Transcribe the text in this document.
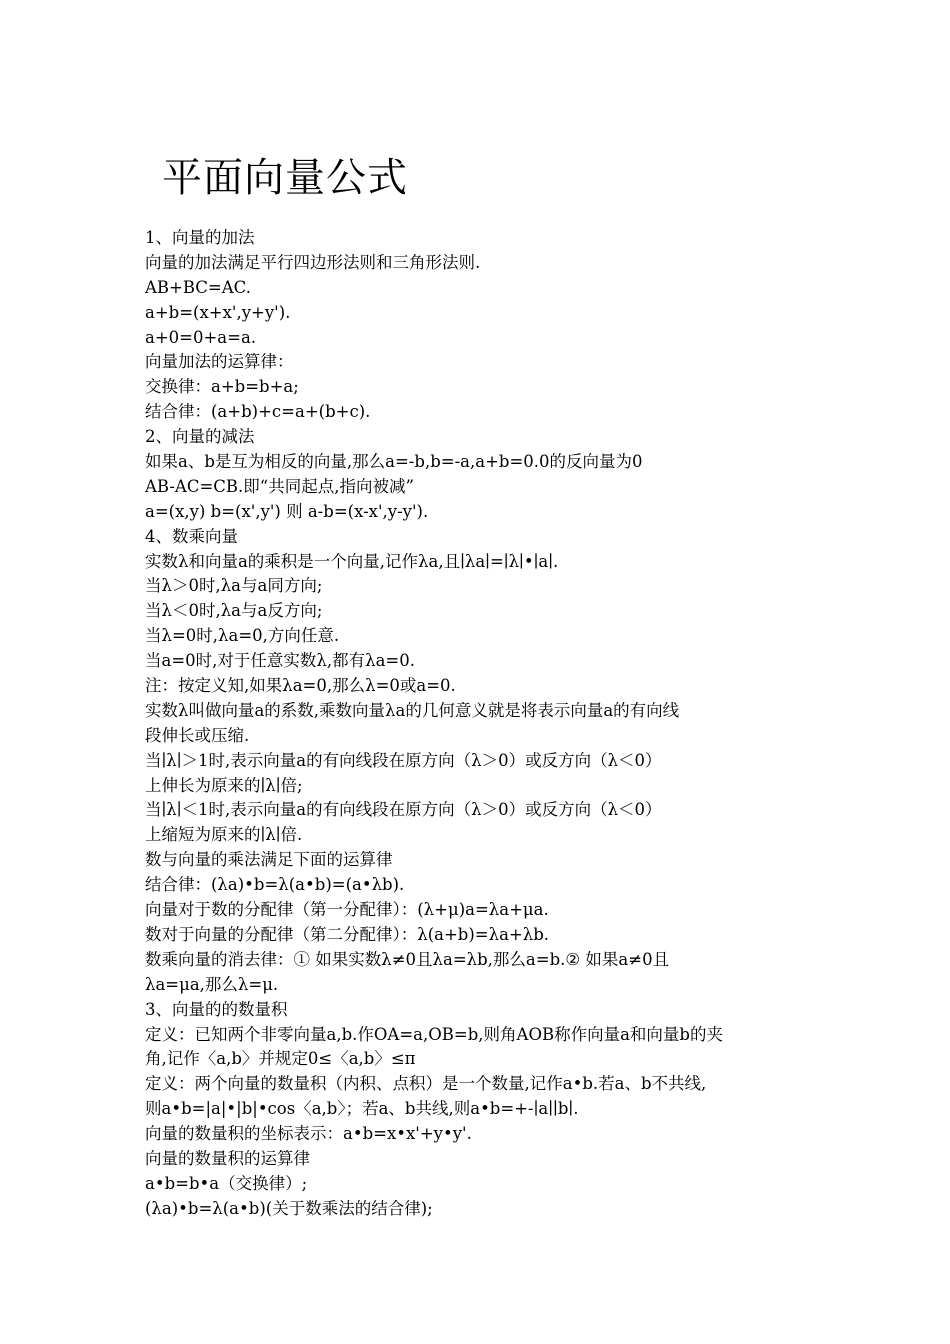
平面向量公式
1、向量的加法
向量的加法满足平行四边形法则和三角形法则.
AB+BC=AC.
a+b=(x+x',y+y').
a+0=0+a=a.
向量加法的运算律：
交换律：a+b=b+a;
结合律：(a+b)+c=a+(b+c).
2、向量的减法
如果a、b是互为相反的向量,那么a=-b,b=-a,a+b=0.0的反向量为0
AB-AC=CB.即“共同起点,指向被减”
a=(x,y) b=(x',y') 则 a-b=(x-x',y-y').
4、数乘向量
实数λ和向量a的乘积是一个向量,记作λa,且∣λa∣=∣λ∣•∣a∣.
当λ＞0时,λa与a同方向;
当λ＜0时,λa与a反方向;
当λ=0时,λa=0,方向任意.
当a=0时,对于任意实数λ,都有λa=0.
注：按定义知,如果λa=0,那么λ=0或a=0.
实数λ叫做向量a的系数,乘数向量λa的几何意义就是将表示向量a的有向线
段伸长或压缩.
当∣λ∣＞1时,表示向量a的有向线段在原方向（λ＞0）或反方向（λ＜0）
上伸长为原来的∣λ∣倍;
当∣λ∣＜1时,表示向量a的有向线段在原方向（λ＞0）或反方向（λ＜0）
上缩短为原来的∣λ∣倍.
数与向量的乘法满足下面的运算律
结合律：(λa)•b=λ(a•b)=(a•λb).
向量对于数的分配律（第一分配律）：(λ+μ)a=λa+μa.
数对于向量的分配律（第二分配律）：λ(a+b)=λa+λb.
数乘向量的消去律：① 如果实数λ≠0且λa=λb,那么a=b.② 如果a≠0且
λa=μa,那么λ=μ.
3、向量的的数量积
定义：已知两个非零向量a,b.作OA=a,OB=b,则角AOB称作向量a和向量b的夹
角,记作〈a,b〉并规定0≤〈a,b〉≤π
定义：两个向量的数量积（内积、点积）是一个数量,记作a•b.若a、b不共线,
则a•b=|a|•|b|•cos〈a,b〉；若a、b共线,则a•b=+-∣a∣∣b∣.
向量的数量积的坐标表示：a•b=x•x'+y•y'.
向量的数量积的运算律
a•b=b•a（交换律）;
(λa)•b=λ(a•b)(关于数乘法的结合律);
